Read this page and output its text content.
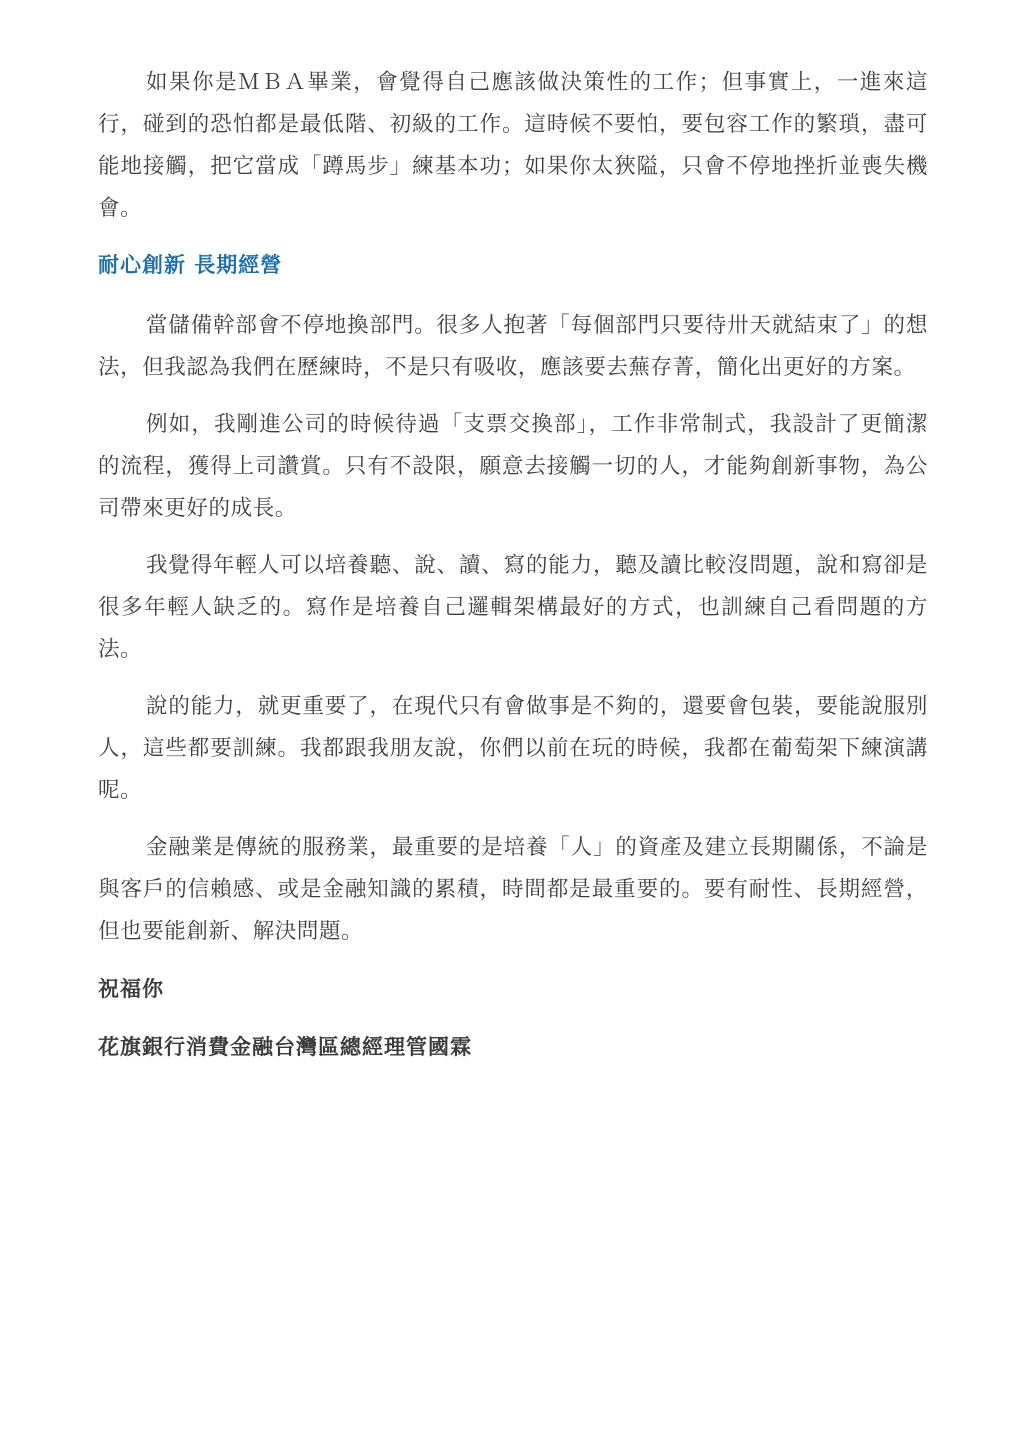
如果你是ＭＢＡ畢業，會覺得自己應該做決策性的工作；但事實上，一進來這行，碰到的恐怕都是最低階、初級的工作。這時候不要怕，要包容工作的繁瑣，盡可能地接觸，把它當成「蹲馬步」練基本功；如果你太狹隘，只會不停地挫折並喪失機會。

耐心創新 長期經營

當儲備幹部會不停地換部門。很多人抱著「每個部門只要待卅天就結束了」的想法，但我認為我們在歷練時，不是只有吸收，應該要去蕪存菁，簡化出更好的方案。

例如，我剛進公司的時候待過「支票交換部」，工作非常制式，我設計了更簡潔的流程，獲得上司讚賞。只有不設限，願意去接觸一切的人，才能夠創新事物，為公司帶來更好的成長。

我覺得年輕人可以培養聽、說、讀、寫的能力，聽及讀比較沒問題，說和寫卻是很多年輕人缺乏的。寫作是培養自己邏輯架構最好的方式，也訓練自己看問題的方法。

說的能力，就更重要了，在現代只有會做事是不夠的，還要會包裝，要能說服別人，這些都要訓練。我都跟我朋友說，你們以前在玩的時候，我都在葡萄架下練演講呢。

金融業是傳統的服務業，最重要的是培養「人」的資產及建立長期關係，不論是與客戶的信賴感、或是金融知識的累積，時間都是最重要的。要有耐性、長期經營，但也要能創新、解決問題。

祝福你
花旗銀行消費金融台灣區總經理管國霖
